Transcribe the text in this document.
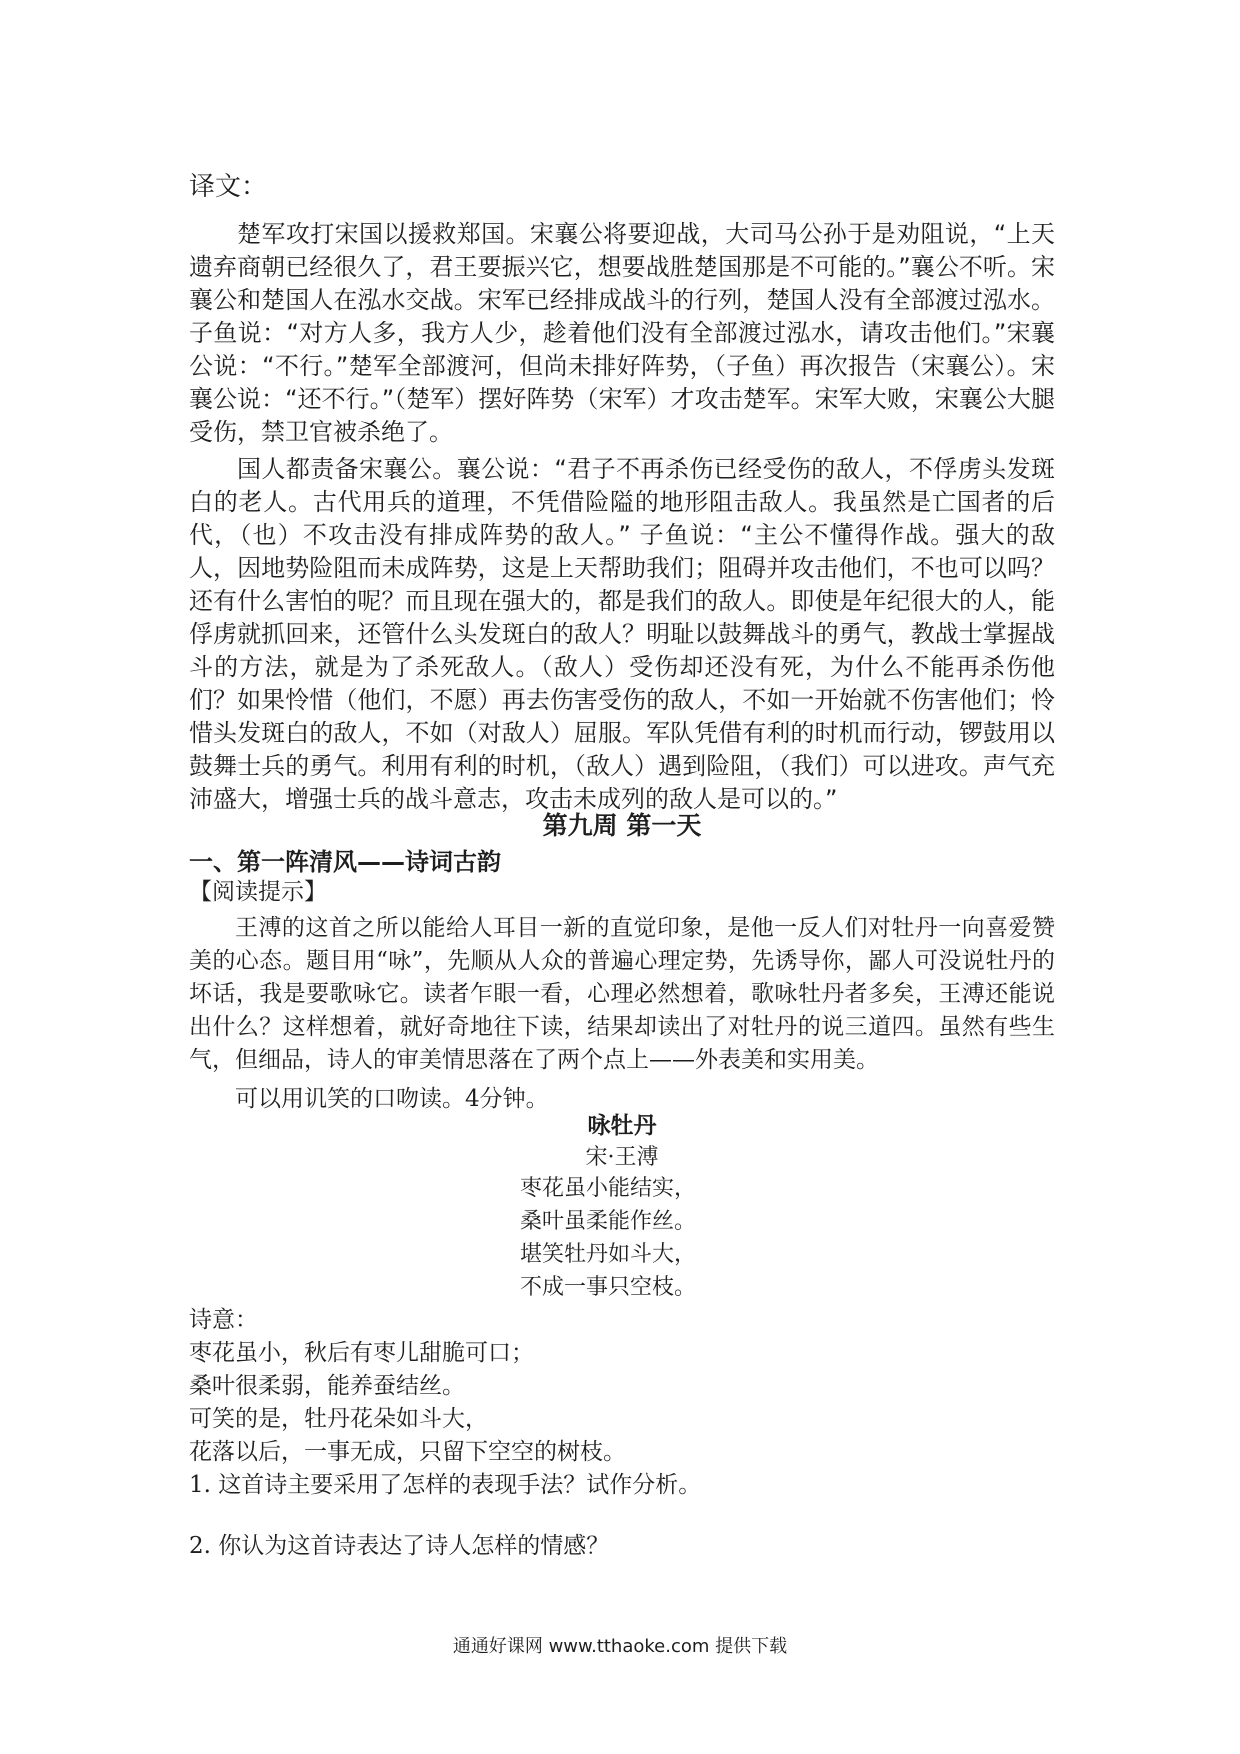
译文：

楚军攻打宋国以援救郑国。宋襄公将要迎战，大司马公孙于是劝阻说，“上天遗弃商朝已经很久了，君王要振兴它，想要战胜楚国那是不可能的。”襄公不听。宋襄公和楚国人在泓水交战。宋军已经排成战斗的行列，楚国人没有全部渡过泓水。子鱼说：“对方人多，我方人少，趁着他们没有全部渡过泓水，请攻击他们。”宋襄公说：“不行。”楚军全部渡河，但尚未排好阵势，（子鱼）再次报告（宋襄公）。宋襄公说：“还不行。”（楚军）摆好阵势（宋军）才攻击楚军。宋军大败，宋襄公大腿受伤，禁卫官被杀绝了。

国人都责备宋襄公。襄公说：“君子不再杀伤已经受伤的敌人，不俘虏头发斑白的老人。古代用兵的道理，不凭借险隘的地形阻击敌人。我虽然是亡国者的后代，（也）不攻击没有排成阵势的敌人。” 子鱼说：“主公不懂得作战。强大的敌人，因地势险阻而未成阵势，这是上天帮助我们；阻碍并攻击他们，不也可以吗？还有什么害怕的呢？而且现在强大的，都是我们的敌人。即使是年纪很大的人，能俘虏就抓回来，还管什么头发斑白的敌人？明耻以鼓舞战斗的勇气，教战士掌握战斗的方法，就是为了杀死敌人。（敌人）受伤却还没有死，为什么不能再杀伤他们？如果怜惜（他们，不愿）再去伤害受伤的敌人，不如一开始就不伤害他们；怜惜头发斑白的敌人，不如（对敌人）屈服。军队凭借有利的时机而行动，锣鼓用以鼓舞士兵的勇气。利用有利的时机，（敌人）遇到险阻，（我们）可以进攻。声气充沛盛大，增强士兵的战斗意志，攻击未成列的敌人是可以的。”

第九周 第一天
一、第一阵清风——诗词古韵
【阅读提示】

王溥的这首之所以能给人耳目一新的直觉印象，是他一反人们对牡丹一向喜爱赞美的心态。题目用“咏”，先顺从人众的普遍心理定势，先诱导你，鄙人可没说牡丹的坏话，我是要歌咏它。读者乍眼一看，心理必然想着，歌咏牡丹者多矣，王溥还能说出什么？这样想着，就好奇地往下读，结果却读出了对牡丹的说三道四。虽然有些生气，但细品，诗人的审美情思落在了两个点上——外表美和实用美。

可以用讥笑的口吻读。4分钟。

咏牡丹
宋·王溥
枣花虽小能结实，
桑叶虽柔能作丝。
堪笑牡丹如斗大，
不成一事只空枝。
诗意：
枣花虽小，秋后有枣儿甜脆可口；
桑叶很柔弱，能养蚕结丝。
可笑的是，牡丹花朵如斗大，
花落以后，一事无成，只留下空空的树枝。
1. 这首诗主要采用了怎样的表现手法？试作分析。
2. 你认为这首诗表达了诗人怎样的情感？
通通好课网 www.tthaoke.com 提供下载
